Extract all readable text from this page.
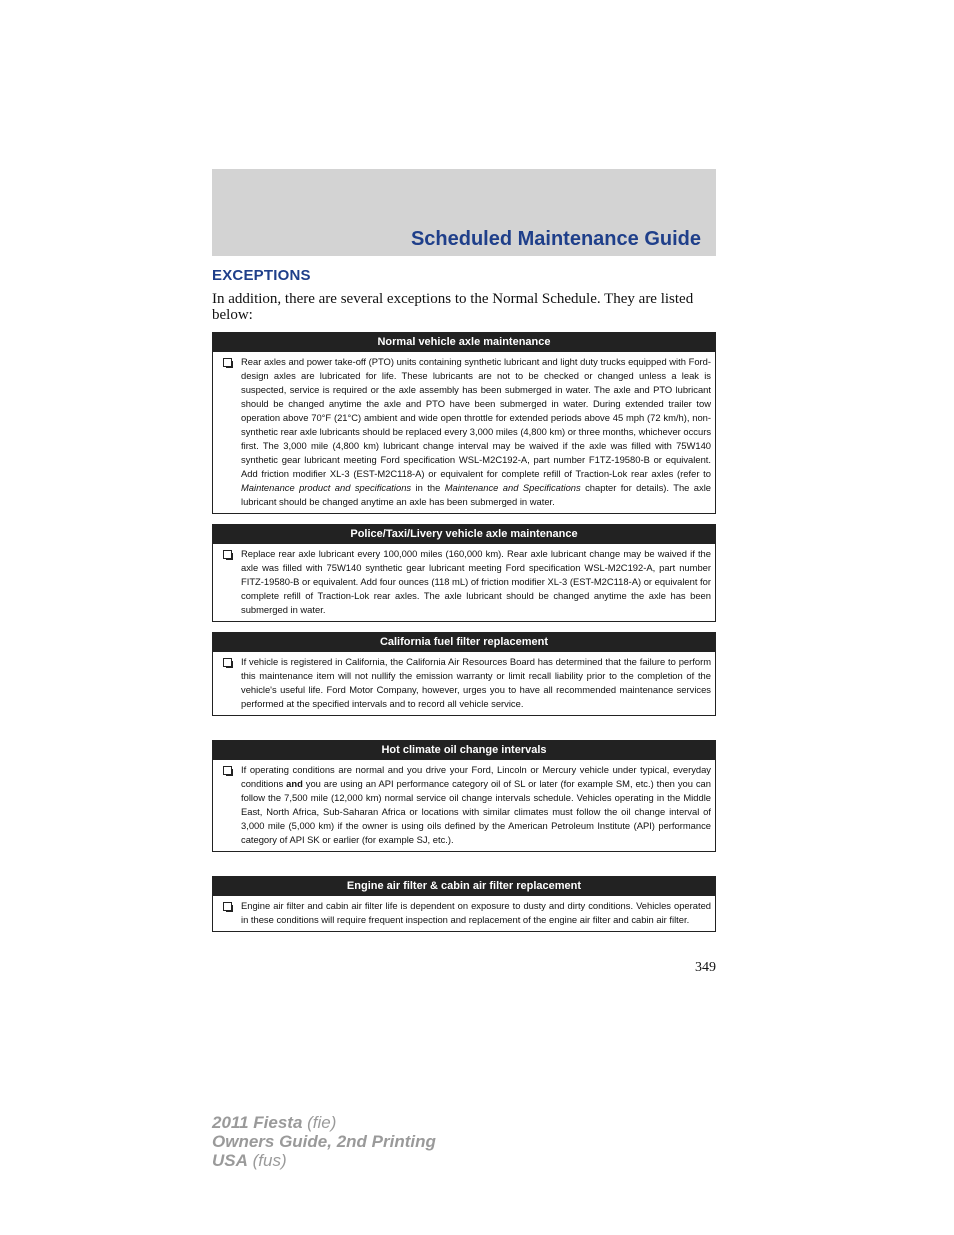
Scheduled Maintenance Guide
EXCEPTIONS
In addition, there are several exceptions to the Normal Schedule. They are listed below:
Normal vehicle axle maintenance
Rear axles and power take-off (PTO) units containing synthetic lubricant and light duty trucks equipped with Ford-design axles are lubricated for life. These lubricants are not to be checked or changed unless a leak is suspected, service is required or the axle assembly has been submerged in water. The axle and PTO lubricant should be changed anytime the axle and PTO have been submerged in water. During extended trailer tow operation above 70°F (21°C) ambient and wide open throttle for extended periods above 45 mph (72 km/h), non-synthetic rear axle lubricants should be replaced every 3,000 miles (4,800 km) or three months, whichever occurs first. The 3,000 mile (4,800 km) lubricant change interval may be waived if the axle was filled with 75W140 synthetic gear lubricant meeting Ford specification WSL-M2C192-A, part number F1TZ-19580-B or equivalent. Add friction modifier XL-3 (EST-M2C118-A) or equivalent for complete refill of Traction-Lok rear axles (refer to Maintenance product and specifications in the Maintenance and Specifications chapter for details). The axle lubricant should be changed anytime an axle has been submerged in water.
Police/Taxi/Livery vehicle axle maintenance
Replace rear axle lubricant every 100,000 miles (160,000 km). Rear axle lubricant change may be waived if the axle was filled with 75W140 synthetic gear lubricant meeting Ford specification WSL-M2C192-A, part number FITZ-19580-B or equivalent. Add four ounces (118 mL) of friction modifier XL-3 (EST-M2C118-A) or equivalent for complete refill of Traction-Lok rear axles. The axle lubricant should be changed anytime the axle has been submerged in water.
California fuel filter replacement
If vehicle is registered in California, the California Air Resources Board has determined that the failure to perform this maintenance item will not nullify the emission warranty or limit recall liability prior to the completion of the vehicle's useful life. Ford Motor Company, however, urges you to have all recommended maintenance services performed at the specified intervals and to record all vehicle service.
Hot climate oil change intervals
If operating conditions are normal and you drive your Ford, Lincoln or Mercury vehicle under typical, everyday conditions and you are using an API performance category oil of SL or later (for example SM, etc.) then you can follow the 7,500 mile (12,000 km) normal service oil change intervals schedule. Vehicles operating in the Middle East, North Africa, Sub-Saharan Africa or locations with similar climates must follow the oil change interval of 3,000 mile (5,000 km) if the owner is using oils defined by the American Petroleum Institute (API) performance category of API SK or earlier (for example SJ, etc.).
Engine air filter & cabin air filter replacement
Engine air filter and cabin air filter life is dependent on exposure to dusty and dirty conditions. Vehicles operated in these conditions will require frequent inspection and replacement of the engine air filter and cabin air filter.
349
2011 Fiesta (fie)
Owners Guide, 2nd Printing
USA (fus)
